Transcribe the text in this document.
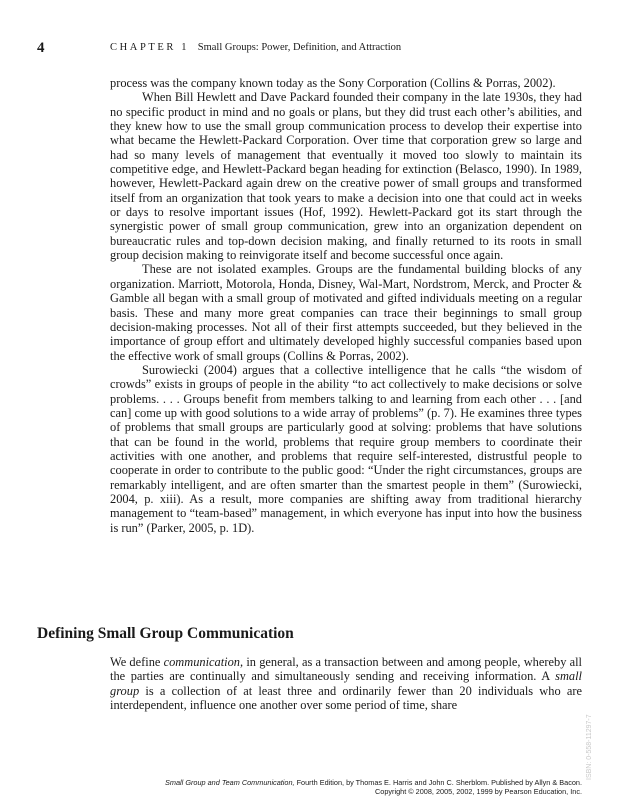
4	CHAPTER 1 Small Groups: Power, Definition, and Attraction

process was the company known today as the Sony Corporation (Collins & Porras, 2002).

When Bill Hewlett and Dave Packard founded their company in the late 1930s, they had no specific product in mind and no goals or plans, but they did trust each other’s abilities, and they knew how to use the small group communication process to develop their expertise into what became the Hewlett-Packard Corporation. Over time that corporation grew so large and had so many levels of management that eventually it moved too slowly to maintain its competitive edge, and Hewlett-Packard began heading for extinction (Belasco, 1990). In 1989, however, Hewlett-Packard again drew on the creative power of small groups and transformed itself from an organization that took years to make a decision into one that could act in weeks or days to resolve important issues (Hof, 1992). Hewlett-Packard got its start through the synergistic power of small group communication, grew into an organization dependent on bureaucratic rules and top-down decision making, and finally returned to its roots in small group decision making to reinvigorate itself and become successful once again.

These are not isolated examples. Groups are the fundamental building blocks of any organization. Marriott, Motorola, Honda, Disney, Wal-Mart, Nordstrom, Merck, and Procter & Gamble all began with a small group of motivated and gifted individuals meeting on a regular basis. These and many more great companies can trace their beginnings to small group decision-making processes. Not all of their first attempts succeeded, but they believed in the importance of group effort and ultimately developed highly successful companies based upon the effective work of small groups (Collins & Porras, 2002).

Surowiecki (2004) argues that a collective intelligence that he calls “the wisdom of crowds” exists in groups of people in the ability “to act collectively to make decisions or solve problems. . . . Groups benefit from members talking to and learning from each other . . . [and can] come up with good solutions to a wide array of problems” (p. 7). He examines three types of problems that small groups are particularly good at solving: problems that have solutions that can be found in the world, problems that require group members to coordinate their activities with one another, and problems that require self-interested, distrustful people to cooperate in order to contribute to the public good: “Under the right circumstances, groups are remarkably intelligent, and are often smarter than the smartest people in them” (Surowiecki, 2004, p. xiii). As a result, more companies are shifting away from traditional hierarchy management to “team-based” management, in which everyone has input into how the business is run” (Parker, 2005, p. 1D).

Defining Small Group Communication

We define communication, in general, as a transaction between and among people, whereby all the parties are continually and simultaneously sending and receiving information. A small group is a collection of at least three and ordinarily fewer than 20 individuals who are interdependent, influence one another over some period of time, share

ISBN: 0-558-11297-7
Small Group and Team Communication, Fourth Edition, by Thomas E. Harris and John C. Sherblom. Published by Allyn & Bacon.
Copyright © 2008, 2005, 2002, 1999 by Pearson Education, Inc.
